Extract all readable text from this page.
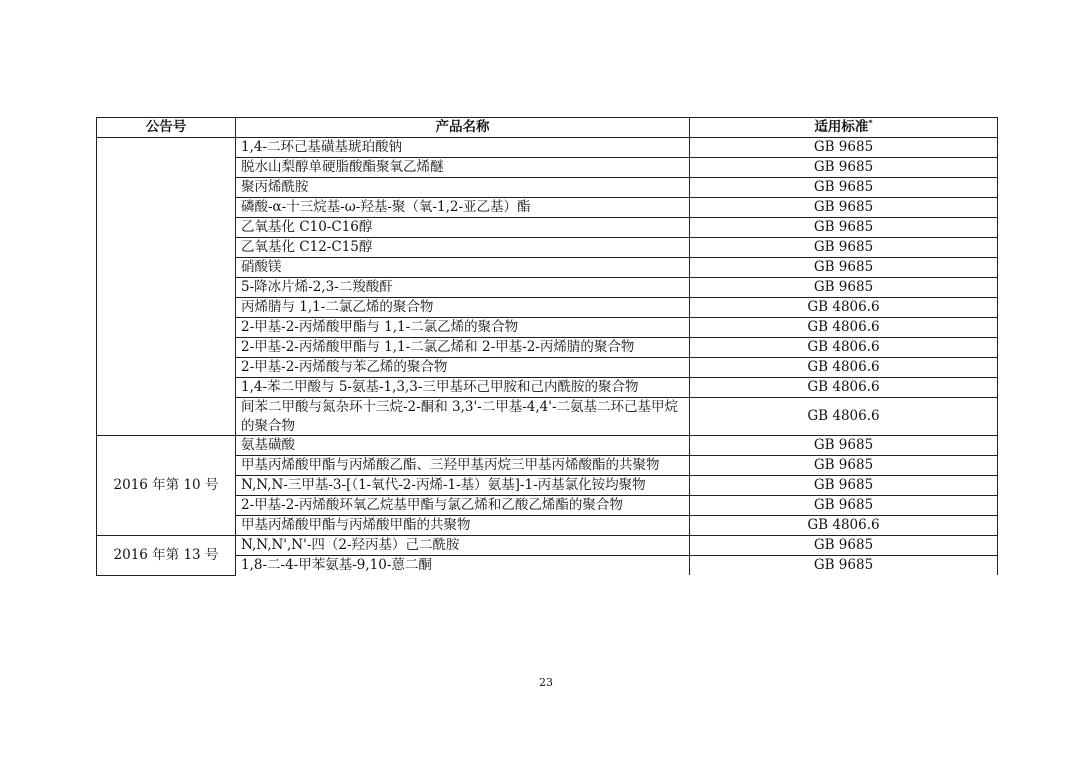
公告号	产品名称	适用标准*
	1,4-二环己基磺基琥珀酸钠	GB 9685
	脱水山梨醇单硬脂酸酯聚氧乙烯醚	GB 9685
	聚丙烯酰胺	GB 9685
	磷酸-α-十三烷基-ω-羟基-聚（氧-1,2-亚乙基）酯	GB 9685
	乙氧基化 C10-C16醇	GB 9685
	乙氧基化 C12-C15醇	GB 9685
	硝酸镁	GB 9685
	5-降冰片烯-2,3-二羧酸酐	GB 9685
	丙烯腈与 1,1-二氯乙烯的聚合物	GB 4806.6
	2-甲基-2-丙烯酸甲酯与 1,1-二氯乙烯的聚合物	GB 4806.6
	2-甲基-2-丙烯酸甲酯与 1,1-二氯乙烯和 2-甲基-2-丙烯腈的聚合物	GB 4806.6
	2-甲基-2-丙烯酸与苯乙烯的聚合物	GB 4806.6
	1,4-苯二甲酸与 5-氨基-1,3,3-三甲基环己甲胺和己内酰胺的聚合物	GB 4806.6
	间苯二甲酸与氮杂环十三烷-2-酮和 3,3'-二甲基-4,4'-二氨基二环己基甲烷的聚合物	GB 4806.6
2016 年第 10 号	氨基磺酸	GB 9685
	甲基丙烯酸甲酯与丙烯酸乙酯、三羟甲基丙烷三甲基丙烯酸酯的共聚物	GB 9685
	N,N,N-三甲基-3-[（1-氧代-2-丙烯-1-基）氨基]-1-丙基氯化铵均聚物	GB 9685
	2-甲基-2-丙烯酸环氧乙烷基甲酯与氯乙烯和乙酸乙烯酯的聚合物	GB 9685
	甲基丙烯酸甲酯与丙烯酸甲酯的共聚物	GB 4806.6
2016 年第 13 号	N,N,N',N'-四（2-羟丙基）己二酰胺	GB 9685
	1,8-二-4-甲苯氨基-9,10-蒽二酮	GB 9685
23
